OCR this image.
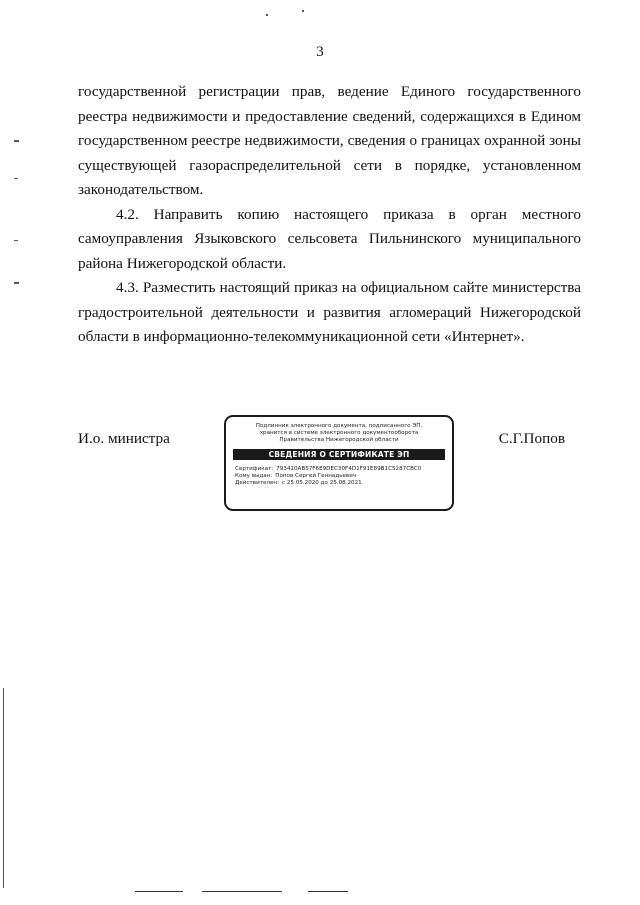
3

государственной регистрации прав, ведение Единого государственного реестра недвижимости и предоставление сведений, содержащихся в Едином государственном реестре недвижимости, сведения о границах охранной зоны существующей газораспределительной сети в порядке, установленном законодательством.

4.2. Направить копию настоящего приказа в орган местного самоуправления Языковского сельсовета Пильнинского муниципального района Нижегородской области.

4.3. Разместить настоящий приказ на официальном сайте министерства градостроительной деятельности и развития агломераций Нижегородской области в информационно-телекоммуникационной сети «Интернет».

И.о. министра
Подлинник электронного документа, подписанного ЭП,
хранится в системе электронного документооборота
Правительства Нижегородской области
СВЕДЕНИЯ О СЕРТИФИКАТЕ ЭП
Сертификат: 793410AB57F6E9DEC30F4D1F91E89B1C5287CBC0
Кому выдан: Попов Сергей Геннадьевич
Действителен: с 25.05.2020 до 25.08.2021
С.Г.Попов
